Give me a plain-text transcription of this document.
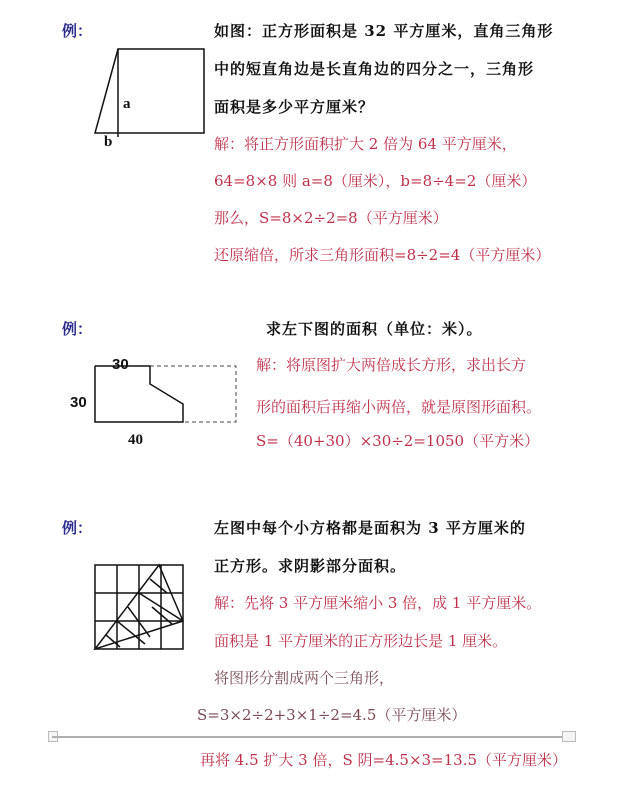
例：	如图：正方形面积是 32 平方厘米，直角三角形
中的短直角边是长直角边的四分之一，三角形
面积是多少平方厘米？
解：将正方形面积扩大 2 倍为 64 平方厘米，
64=8×8 则 a=8（厘米），b=8÷4=2（厘米）
那么，S=8×2÷2=8（平方厘米）
还原缩倍，所求三角形面积=8÷2=4（平方厘米）
a
b
例：	求左下图的面积（单位：米）。
解：将原图扩大两倍成长方形，求出长方
形的面积后再缩小两倍，就是原图形面积。
S=（40+30）×30÷2=1050（平方米）
30
30
40
例：	左图中每个小方格都是面积为 3 平方厘米的
正方形。求阴影部分面积。
解：先将 3 平方厘米缩小 3 倍，成 1 平方厘米。
面积是 1 平方厘米的正方形边长是 1 厘米。
将图形分割成两个三角形，
S=3×2÷2+3×1÷2=4.5（平方厘米）
再将 4.5 扩大 3 倍，S 阴=4.5×3=13.5（平方厘米）
